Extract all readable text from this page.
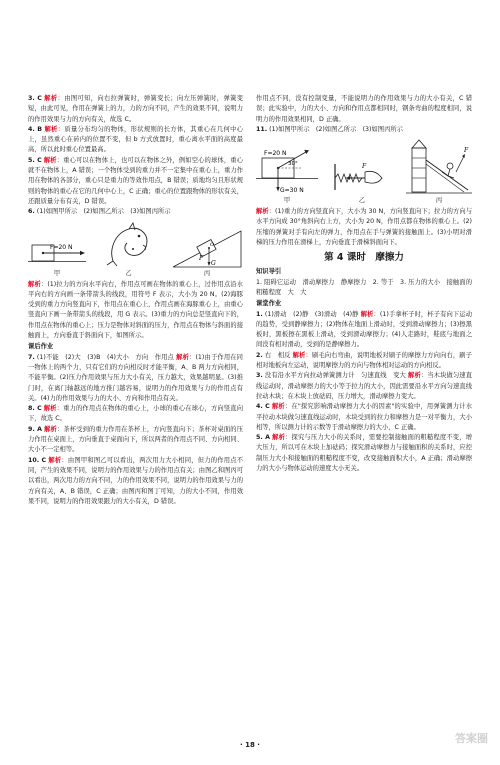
3. C 解析：由图可知，向右拉弹簧时，弹簧变长；向左压弹簧时，弹簧变短，由此可见，作用在弹簧上的力，力的方向不同，产生的效果不同，说明力的作用效果与力的方向有关，故选 C。

4. B 解析：质量分布均匀的物体，形状规则的长方体，其重心在几何中心上，虽然重心在砖内的位置不变，但 b 方式放置时，重心离水平面的高度最高，所以此时重心位置最高。

5. C 解析：重心可以在物体上，也可以在物体之外，例如空心的球体，重心就不在物体上，A 错误；一个物体受到的重力并不一定集中在重心上，重力作用在物体的各部分，重心只是重力的等效作用点，B 错误；质地均匀且形状规则的物体的重心在它的几何中心上，C 正确；重心的位置跟物体的形状有关，还跟质量分布有关，D 错误。

6. (1)如图甲所示　(2)如图乙所示　(3)如图丙所示

F=20 N
甲	乙
G
F
O
丙

解析：(1)拉力的方向水平向右，作用点可画在物体的重心上，过作用点沿水平向右的方向画一条带箭头的线段，用符号 F 表示，大小为 20 N。(2)海豚受到的重力方向竖直向下，作用点在重心上，作用点画在海豚重心上，由重心竖直向下画一条带箭头的线段，用 G 表示。(3)重力的方向总是竖直向下的，作用点在物体的重心上；压力是物体对斜面的压力，作用点在物体与斜面的接触面上，方向垂直于斜面向下，如图所示。

课后作业

7. (1)不能　(2)大　(3)B　(4)大小　方向　作用点 解析：(1)由于作用在同一物体上的两个力，只有它们的方向相反时才能平衡，A、B 两力方向相同，不能平衡。(2)压力作用效果与压力大小有关，压力越大，效果越明显。(3)推门时，在离门轴越远的地方推门越容易，说明力的作用效果与力的作用点有关。(4)力的作用效果与力的大小、方向和作用点有关。

8. C 解析：重力的作用点在物体的重心上，小球的重心在球心，方向竖直向下，故选 C。

9. A 解析：茶杯受到的重力作用在茶杯上，方向竖直向下；茶杯对桌面的压力作用在桌面上，方向垂直于桌面向下，所以两者的作用点不同、方向相同、大小不一定相等。

10. C 解析：由图甲和图乙可以看出，两次用力大小相同，但力的作用点不同，产生的效果不同，说明力的作用效果与力的作用点有关；由图乙和图丙可以看出，两次用力的方向不同，力的作用效果不同，说明力的作用效果与力的方向有关，A、B 错误，C 正确；由图丙和图丁可知，力的大小不同，作用效果不同，说明力的作用效果跟力的大小有关，D 错误。

作用点不同，没有控制变量，不能说明力的作用效果与力的大小有关，C 错误；此实验中，力的大小、方向和作用点都相同时，钢条弯曲的程度相同，说明力的作用效果相同，D 正确。

11. (1)如图甲所示　(2)如图乙所示　(3)如图丙所示

F=20 N
30°
G=30 N
甲
F
乙
F
丙

解析：(1)重力的方向竖直向下，大小为 30 N，方向竖直向下；拉力的方向与水平方向成 30°角斜向右上方，大小为 20 N，作用点都在物体的重心上。(2)压缩的弹簧对手有向左的弹力，作用点在手与弹簧的接触面上。(3)小明对滑梯的压力作用在滑梯上，方向垂直于滑梯斜面向下。

第 4 课时　摩擦力
知识导引

1. 阻碍它运动　滑动摩擦力　静摩擦力　2. 等于　3. 压力的大小　接触面的粗糙程度　大　大

课堂作业

1. (1)滑动　(2)静　(3)滑动　(4)静 解析：(1)手拿杯子时，杯子有向下运动的趋势，受到静摩擦力；(2)物体在地面上滑动时，受到滑动摩擦力；(3)擦黑板时，黑板擦在黑板上滑动，受到滑动摩擦力；(4)人走路时，鞋底与地面之间没有相对滑动，受到的是静摩擦力。

2. 右　相反 解析：刷毛向右弯曲，说明地板对刷子的摩擦力方向向右，刷子相对地板向左运动，说明摩擦力的方向与物体相对运动的方向相反。

3. 没有沿水平方向拉动弹簧测力计　匀速直线　变大 解析：当木块做匀速直线运动时，滑动摩擦力的大小等于拉力的大小，因此需要沿水平方向匀速直线拉动木块；在木块上放砝码，压力增大，滑动摩擦力变大。

4. C 解析：在"探究影响滑动摩擦力大小的因素"的实验中，用弹簧测力计水平拉动木块做匀速直线运动时，木块受到的拉力和摩擦力是一对平衡力，大小相等，所以测力计的示数等于滑动摩擦力的大小，C 正确。

5. A 解析：探究与压力大小的关系时，需要控制接触面的粗糙程度不变，增大压力，所以可在木块上加砝码；探究滑动摩擦力与接触面积的关系时，应控制压力大小和接触面的粗糙程度不变，改变接触面积大小，A 正确；滑动摩擦力的大小与物体运动的速度大小无关。

· 18 ·	答案圈
